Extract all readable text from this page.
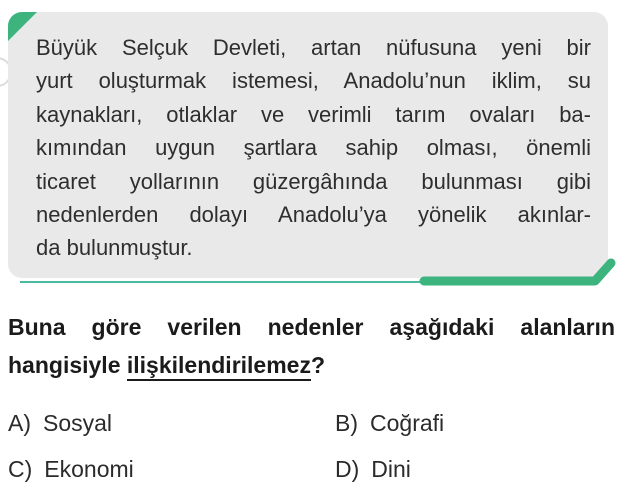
Büyük Selçuk Devleti, artan nüfusuna yeni bir
yurt oluşturmak istemesi, Anadolu’nun iklim, su
kaynakları, otlaklar ve verimli tarım ovaları ba-
kımından uygun şartlara sahip olması, önemli
ticaret yollarının güzergâhında bulunması gibi
nedenlerden dolayı Anadolu’ya yönelik akınlar-
da bulunmuştur.
Buna göre verilen nedenler aşağıdaki alanların
hangisiyle ilişkilendirilemez?
A) Sosyal	B) Coğrafi
C) Ekonomi	D) Dini
